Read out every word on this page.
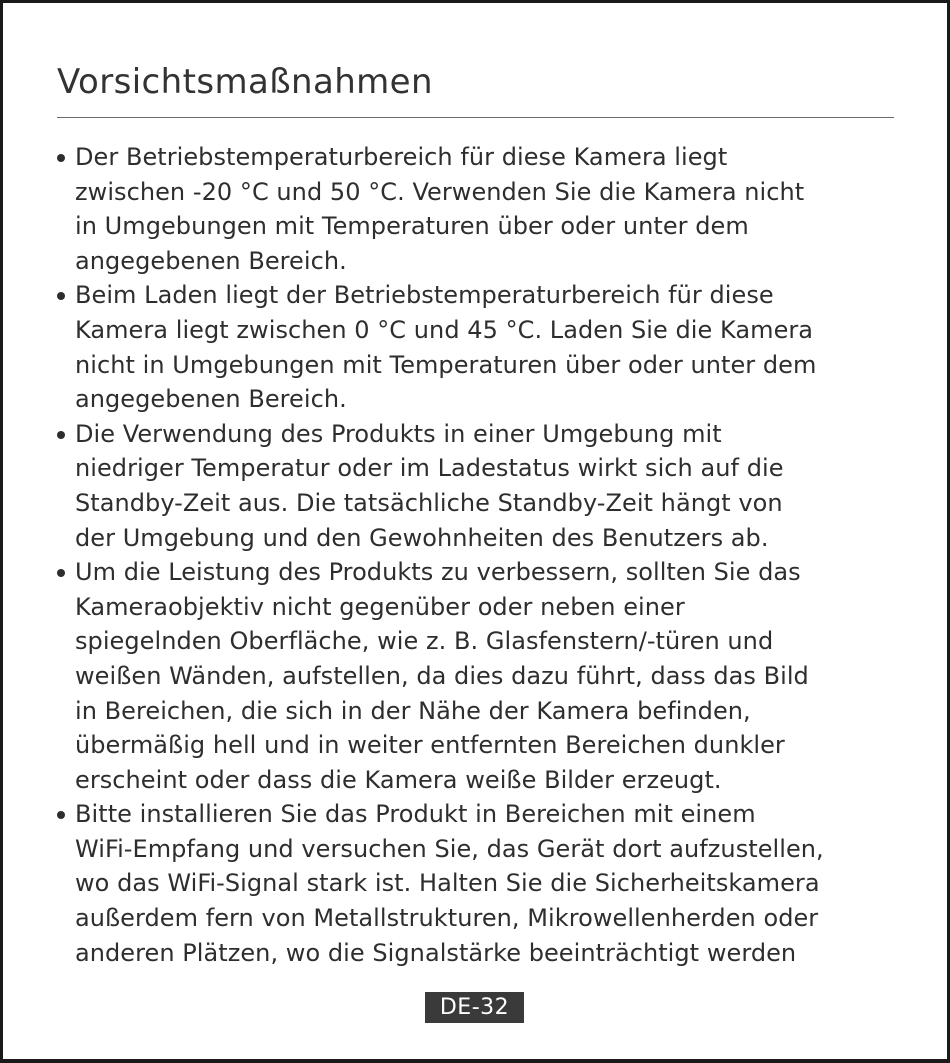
Vorsichtsmaßnahmen
Der Betriebstemperaturbereich für diese Kamera liegt
zwischen -20 °C und 50 °C. Verwenden Sie die Kamera nicht
in Umgebungen mit Temperaturen über oder unter dem
angegebenen Bereich.
Beim Laden liegt der Betriebstemperaturbereich für diese
Kamera liegt zwischen 0 °C und 45 °C. Laden Sie die Kamera
nicht in Umgebungen mit Temperaturen über oder unter dem
angegebenen Bereich.
Die Verwendung des Produkts in einer Umgebung mit
niedriger Temperatur oder im Ladestatus wirkt sich auf die
Standby-Zeit aus. Die tatsächliche Standby-Zeit hängt von
der Umgebung und den Gewohnheiten des Benutzers ab.
Um die Leistung des Produkts zu verbessern, sollten Sie das
Kameraobjektiv nicht gegenüber oder neben einer
spiegelnden Oberfläche, wie z. B. Glasfenstern/-türen und
weißen Wänden, aufstellen, da dies dazu führt, dass das Bild
in Bereichen, die sich in der Nähe der Kamera befinden,
übermäßig hell und in weiter entfernten Bereichen dunkler
erscheint oder dass die Kamera weiße Bilder erzeugt.
Bitte installieren Sie das Produkt in Bereichen mit einem
WiFi-Empfang und versuchen Sie, das Gerät dort aufzustellen,
wo das WiFi-Signal stark ist. Halten Sie die Sicherheitskamera
außerdem fern von Metallstrukturen, Mikrowellenherden oder
anderen Plätzen, wo die Signalstärke beeinträchtigt werden
DE-32
